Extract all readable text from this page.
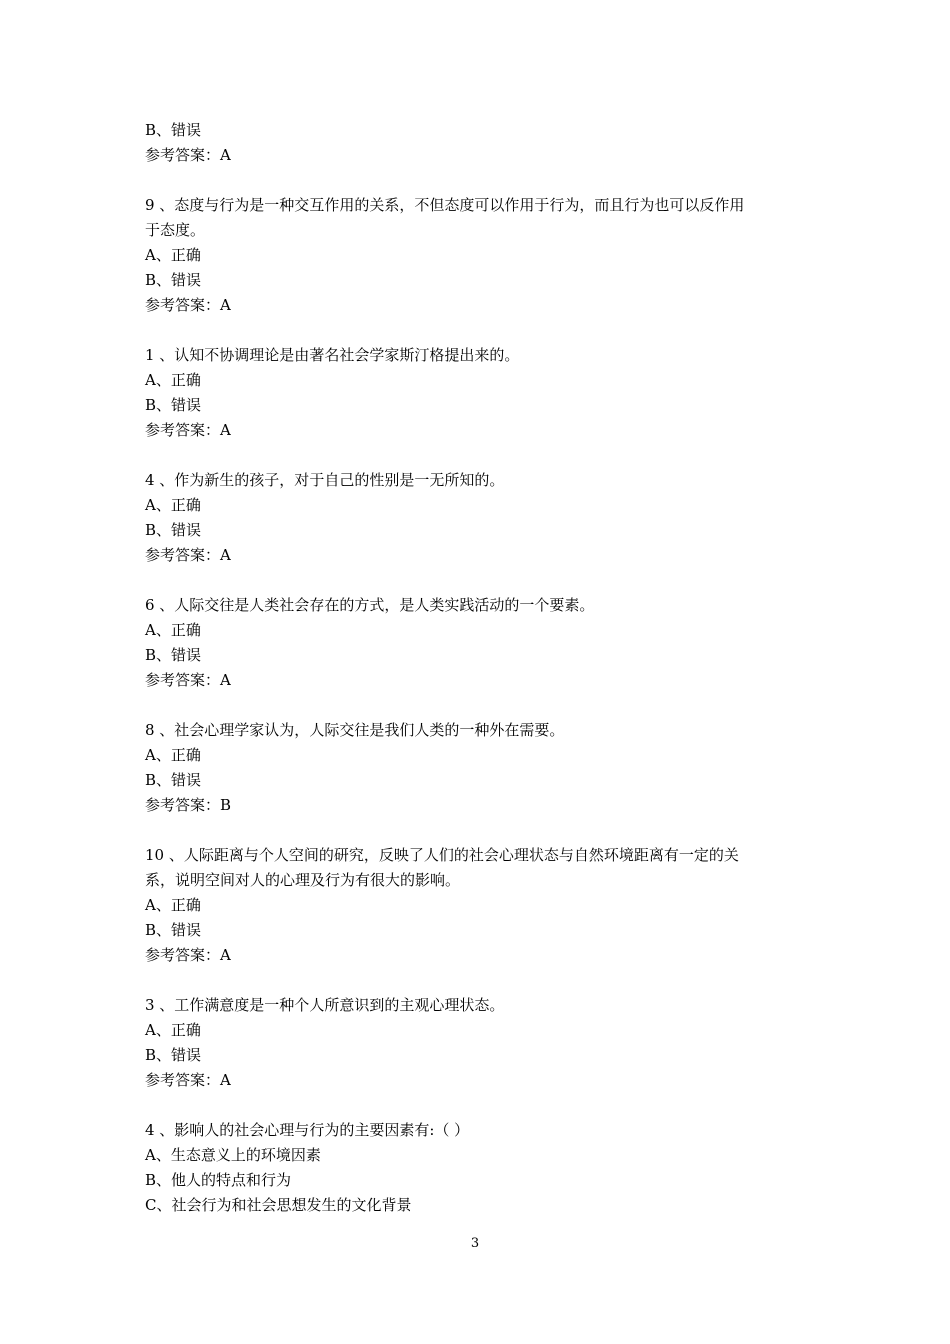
B、错误
参考答案：A
9 、态度与行为是一种交互作用的关系，不但态度可以作用于行为，而且行为也可以反作用
于态度。
A、正确
B、错误
参考答案：A
1 、认知不协调理论是由著名社会学家斯汀格提出来的。
A、正确
B、错误
参考答案：A
4 、作为新生的孩子，对于自己的性别是一无所知的。
A、正确
B、错误
参考答案：A
6 、人际交往是人类社会存在的方式，是人类实践活动的一个要素。
A、正确
B、错误
参考答案：A
8 、社会心理学家认为，人际交往是我们人类的一种外在需要。
A、正确
B、错误
参考答案：B
10 、人际距离与个人空间的研究，反映了人们的社会心理状态与自然环境距离有一定的关
系，说明空间对人的心理及行为有很大的影响。
A、正确
B、错误
参考答案：A
3 、工作满意度是一种个人所意识到的主观心理状态。
A、正确
B、错误
参考答案：A
4 、影响人的社会心理与行为的主要因素有:（ ）
A、生态意义上的环境因素
B、他人的特点和行为
C、社会行为和社会思想发生的文化背景
3
